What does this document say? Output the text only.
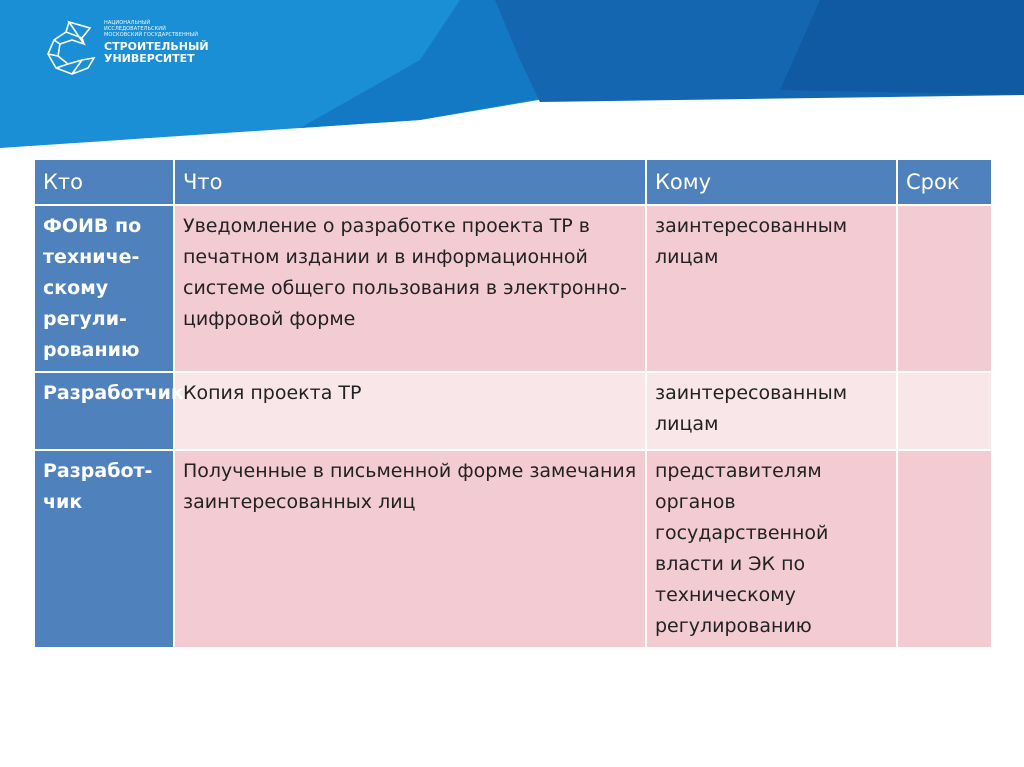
НАЦИОНАЛЬНЫЙ ИССЛЕДОВАТЕЛЬСКИЙ МОСКОВСКИЙ ГОСУДАРСТВЕННЫЙ
СТРОИТЕЛЬНЫЙ
УНИВЕРСИТЕТ
Кто	Что	Кому	Срок
ФОИВ по техниче-скому регули-рованию	Уведомление о разработке проекта ТР в печатном издании и в информационной системе общего пользования в электронно-цифровой форме	заинтересованным лицам	
Разработчик	Копия проекта ТР	заинтересованным лицам	
Разработ-чик	Полученные в письменной форме замечания заинтересованных лиц	представителям органов государственной власти и ЭК по техническому регулированию	
